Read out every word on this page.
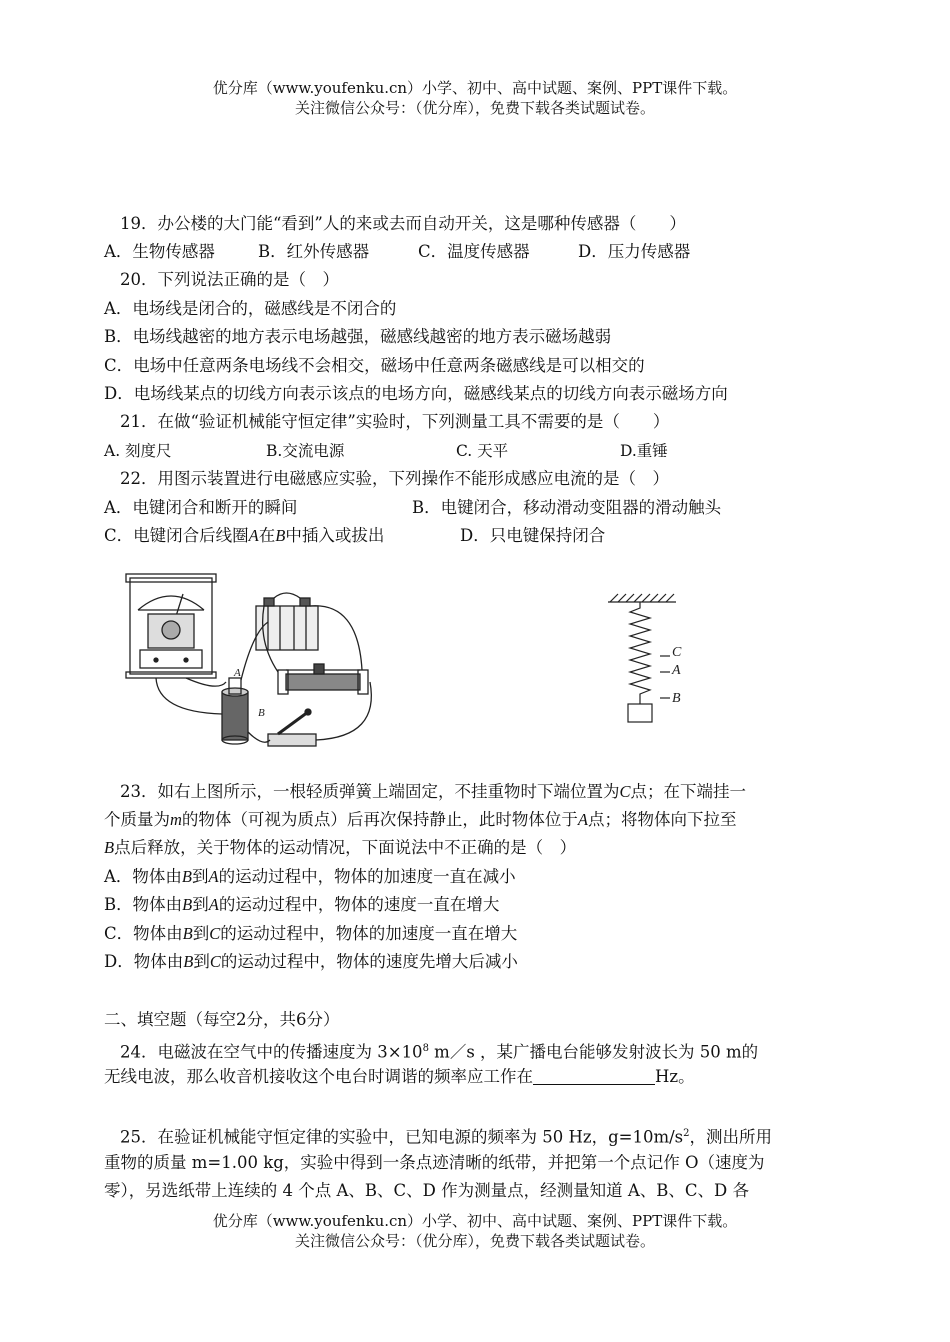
优分库（www.youfenku.cn）小学、初中、高中试题、案例、PPT课件下载。
关注微信公众号：（优分库），免费下载各类试题试卷。
19．办公楼的大门能“看到”人的来或去而自动开关，这是哪种传感器（　　）
A．生物传感器	B．红外传感器	C．温度传感器	D．压力传感器
20．下列说法正确的是（　）
A．电场线是闭合的，磁感线是不闭合的
B．电场线越密的地方表示电场越强，磁感线越密的地方表示磁场越弱
C．电场中任意两条电场线不会相交，磁场中任意两条磁感线是可以相交的
D．电场线某点的切线方向表示该点的电场方向，磁感线某点的切线方向表示磁场方向
21．在做“验证机械能守恒定律”实验时，下列测量工具不需要的是（　　）
A. 刻度尺	B.交流电源	C. 天平	D.重锤
22．用图示装置进行电磁感应实验，下列操作不能形成感应电流的是（　）
A．电键闭合和断开的瞬间	B．电键闭合，移动滑动变阻器的滑动触头
C．电键闭合后线圈A在B中插入或拔出	D．只电键保持闭合
A
B
C
A
B
23．如右上图所示，一根轻质弹簧上端固定，不挂重物时下端位置为C点；在下端挂一
个质量为m的物体（可视为质点）后再次保持静止，此时物体位于A点；将物体向下拉至
B点后释放，关于物体的运动情况，下面说法中不正确的是（　）
A．物体由B到A的运动过程中，物体的加速度一直在减小
B．物体由B到A的运动过程中，物体的速度一直在增大
C．物体由B到C的运动过程中，物体的加速度一直在增大
D．物体由B到C的运动过程中，物体的速度先增大后减小
二、填空题（每空2分，共6分）
24．电磁波在空气中的传播速度为 $3\times 10^8$ m／s ，某广播电台能够发射波长为 50 m的
无线电波，那么收音机接收这个电台时调谐的频率应工作在	Hz。
25．在验证机械能守恒定律的实验中，已知电源的频率为 50 Hz，$g=10m/s^2$，测出所用
重物的质量 m=1.00 kg，实验中得到一条点迹清晰的纸带，并把第一个点记作 O（速度为
零），另选纸带上连续的 4 个点 A、B、C、D 作为测量点，经测量知道 A、B、C、D 各
优分库（www.youfenku.cn）小学、初中、高中试题、案例、PPT课件下载。
关注微信公众号：（优分库），免费下载各类试题试卷。
